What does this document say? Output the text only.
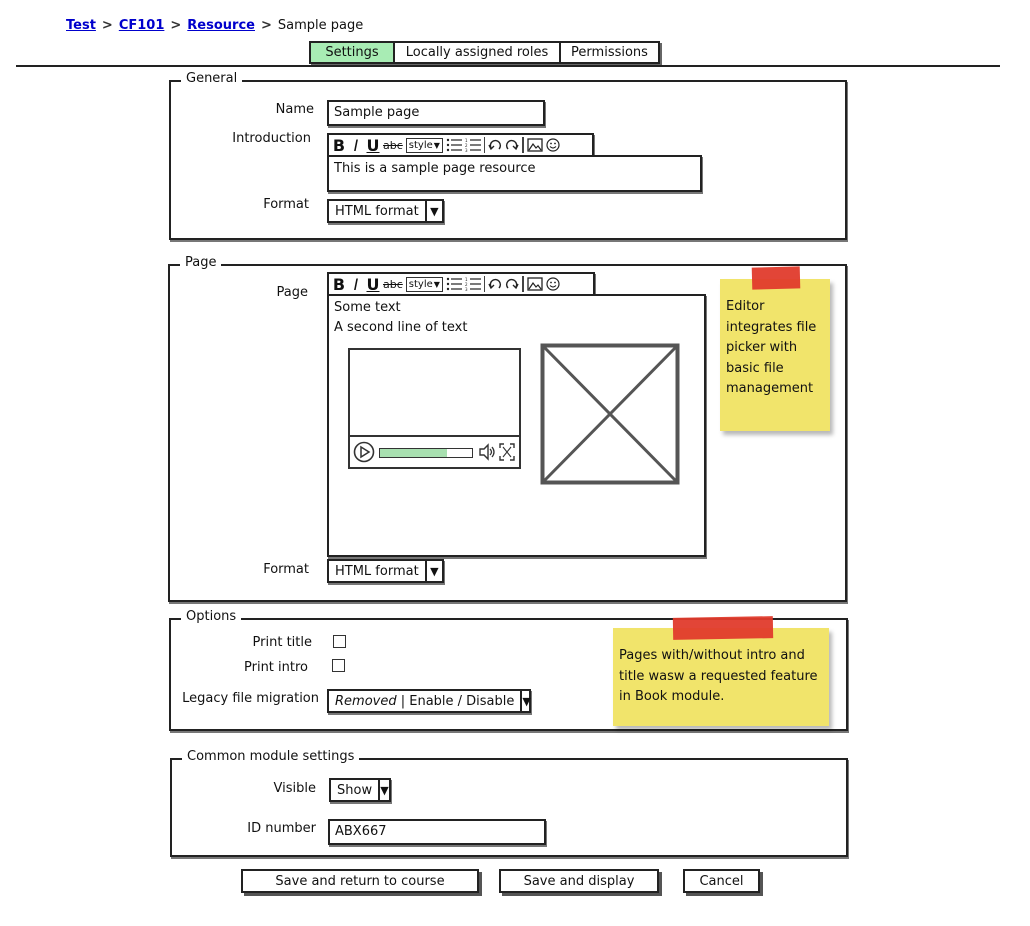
Test > CF101 > Resource > Sample page
Settings	Locally assigned roles	Permissions
General
Name	Sample page
Introduction B I U abc style ▼	1
2
3
This is a sample page resource
Format	HTML format	▼
Page
Page B I U abc style ▼	1
2
3
Some text
A second line of text
Format	HTML format	▼
Editor integrates file picker with basic file management
Options
Print title
Print intro
Legacy file migration	Removed | Enable / Disable ▼
Pages with/without intro and title wasw a requested feature in Book module.
Common module settings
Visible	Show ▼
ID number	ABX667
Save and return to course	Save and display	Cancel
